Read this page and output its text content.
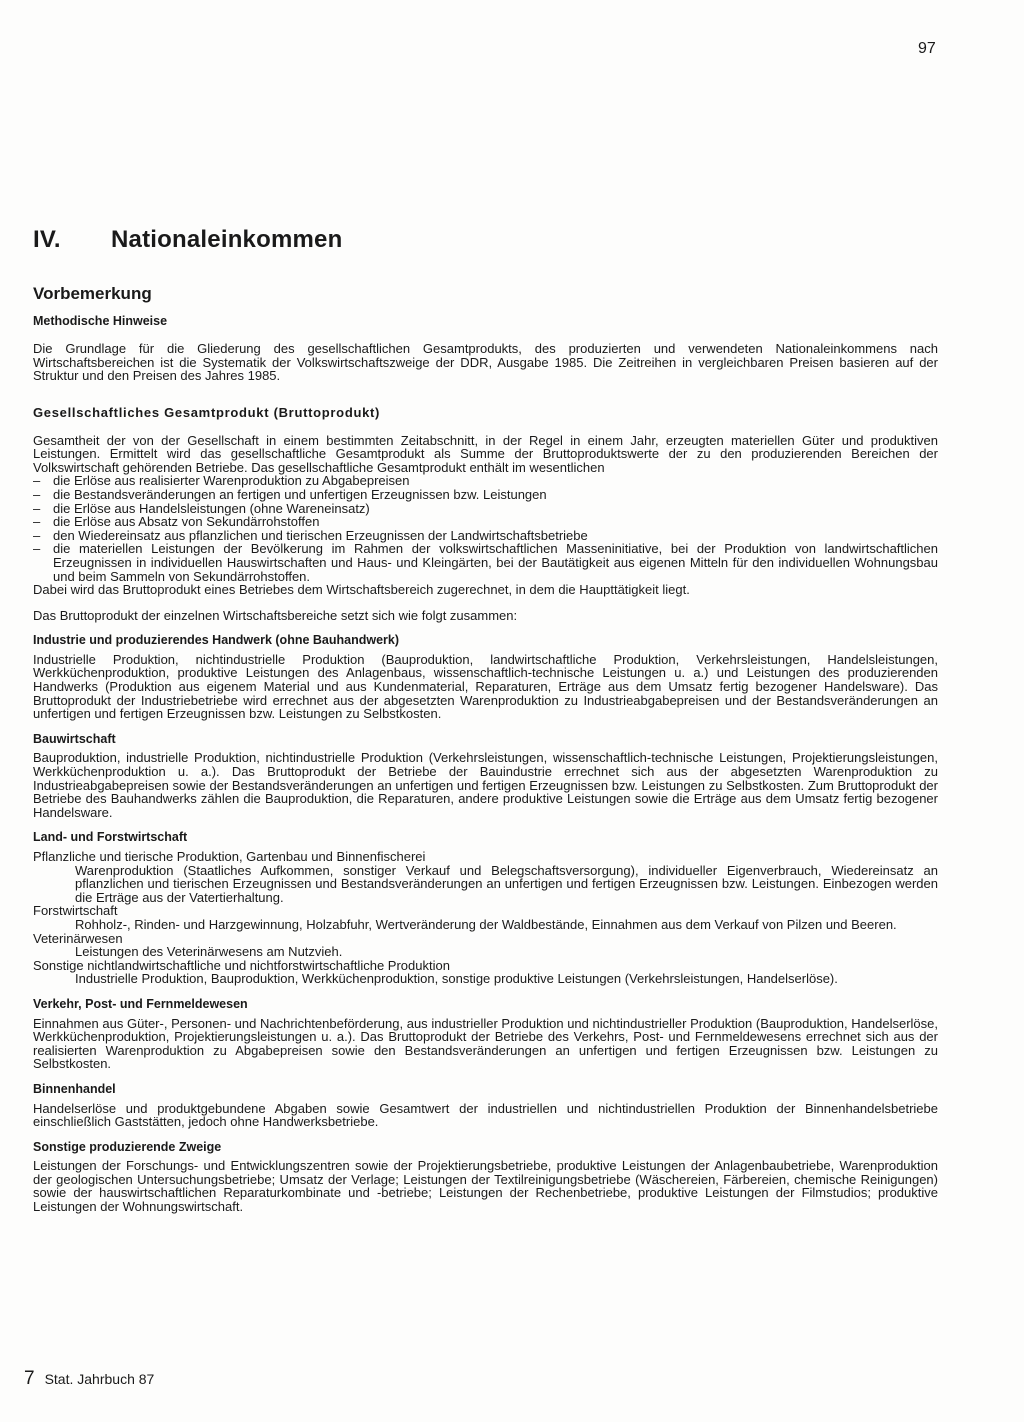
97
IV. Nationaleinkommen
Vorbemerkung
Methodische Hinweise

Die Grundlage für die Gliederung des gesellschaftlichen Gesamtprodukts, des produzierten und verwendeten Nationaleinkommens nach Wirtschaftsbereichen ist die Systematik der Volkswirtschaftszweige der DDR, Ausgabe 1985. Die Zeitreihen in vergleichbaren Preisen basieren auf der Struktur und den Preisen des Jahres 1985.

Gesellschaftliches Gesamtprodukt (Bruttoprodukt)

Gesamtheit der von der Gesellschaft in einem bestimmten Zeitabschnitt, in der Regel in einem Jahr, erzeugten materiellen Güter und produktiven Leistungen. Ermittelt wird das gesellschaftliche Gesamtprodukt als Summe der Bruttoproduktswerte der zu den produzierenden Bereichen der Volkswirtschaft gehörenden Betriebe. Das gesellschaftliche Gesamtprodukt enthält im wesentlichen

– die Erlöse aus realisierter Warenproduktion zu Abgabepreisen
– die Bestandsveränderungen an fertigen und unfertigen Erzeugnissen bzw. Leistungen
– die Erlöse aus Handelsleistungen (ohne Wareneinsatz)
– die Erlöse aus Absatz von Sekundärrohstoffen
– den Wiedereinsatz aus pflanzlichen und tierischen Erzeugnissen der Landwirtschaftsbetriebe
– die materiellen Leistungen der Bevölkerung im Rahmen der volkswirtschaftlichen Masseninitiative, bei der Produktion von landwirtschaftlichen Erzeugnissen in individuellen Hauswirtschaften und Haus- und Kleingärten, bei der Bautätigkeit aus eigenen Mitteln für den individuellen Wohnungsbau und beim Sammeln von Sekundärrohstoffen.

Dabei wird das Bruttoprodukt eines Betriebes dem Wirtschaftsbereich zugerechnet, in dem die Haupttätigkeit liegt.

Das Bruttoprodukt der einzelnen Wirtschaftsbereiche setzt sich wie folgt zusammen:

Industrie und produzierendes Handwerk (ohne Bauhandwerk)

Industrielle Produktion, nichtindustrielle Produktion (Bauproduktion, landwirtschaftliche Produktion, Verkehrsleistungen, Handelsleistungen, Werkküchenproduktion, produktive Leistungen des Anlagenbaus, wissenschaftlich-technische Leistungen u. a.) und Leistungen des produzierenden Handwerks (Produktion aus eigenem Material und aus Kundenmaterial, Reparaturen, Erträge aus dem Umsatz fertig bezogener Handelsware). Das Bruttoprodukt der Industriebetriebe wird errechnet aus der abgesetzten Warenproduktion zu Industrieabgabepreisen und der Bestandsveränderungen an unfertigen und fertigen Erzeugnissen bzw. Leistungen zu Selbstkosten.

Bauwirtschaft

Bauproduktion, industrielle Produktion, nichtindustrielle Produktion (Verkehrsleistungen, wissenschaftlich-technische Leistungen, Projektierungsleistungen, Werkküchenproduktion u. a.). Das Bruttoprodukt der Betriebe der Bauindustrie errechnet sich aus der abgesetzten Warenproduktion zu Industrieabgabepreisen sowie der Bestandsveränderungen an unfertigen und fertigen Erzeugnissen bzw. Leistungen zu Selbstkosten. Zum Bruttoprodukt der Betriebe des Bauhandwerks zählen die Bauproduktion, die Reparaturen, andere produktive Leistungen sowie die Erträge aus dem Umsatz fertig bezogener Handelsware.

Land- und Forstwirtschaft
Pflanzliche und tierische Produktion, Gartenbau und Binnenfischerei
Warenproduktion (Staatliches Aufkommen, sonstiger Verkauf und Belegschaftsversorgung), individueller Eigenverbrauch, Wiedereinsatz an pflanzlichen und tierischen Erzeugnissen und Bestandsveränderungen an unfertigen und fertigen Erzeugnissen bzw. Leistungen. Einbezogen werden die Erträge aus der Vatertierhaltung.
Forstwirtschaft
Rohholz-, Rinden- und Harzgewinnung, Holzabfuhr, Wertveränderung der Waldbestände, Einnahmen aus dem Verkauf von Pilzen und Beeren.
Veterinärwesen
Leistungen des Veterinärwesens am Nutzvieh.
Sonstige nichtlandwirtschaftliche und nichtforstwirtschaftliche Produktion
Industrielle Produktion, Bauproduktion, Werkküchenproduktion, sonstige produktive Leistungen (Verkehrsleistungen, Handelserlöse).
Verkehr, Post- und Fernmeldewesen

Einnahmen aus Güter-, Personen- und Nachrichtenbeförderung, aus industrieller Produktion und nichtindustrieller Produktion (Bauproduktion, Handelserlöse, Werkküchenproduktion, Projektierungsleistungen u. a.). Das Bruttoprodukt der Betriebe des Verkehrs, Post- und Fernmeldewesens errechnet sich aus der realisierten Warenproduktion zu Abgabepreisen sowie den Bestandsveränderungen an unfertigen und fertigen Erzeugnissen bzw. Leistungen zu Selbstkosten.

Binnenhandel

Handelserlöse und produktgebundene Abgaben sowie Gesamtwert der industriellen und nichtindustriellen Produktion der Binnenhandelsbetriebe einschließlich Gaststätten, jedoch ohne Handwerksbetriebe.

Sonstige produzierende Zweige

Leistungen der Forschungs- und Entwicklungszentren sowie der Projektierungsbetriebe, produktive Leistungen der Anlagenbaubetriebe, Warenproduktion der geologischen Untersuchungsbetriebe; Umsatz der Verlage; Leistungen der Textilreinigungsbetriebe (Wäschereien, Färbereien, chemische Reinigungen) sowie der hauswirtschaftlichen Reparaturkombinate und -betriebe; Leistungen der Rechenbetriebe, produktive Leistungen der Filmstudios; produktive Leistungen der Wohnungswirtschaft.

7 Stat. Jahrbuch 87
